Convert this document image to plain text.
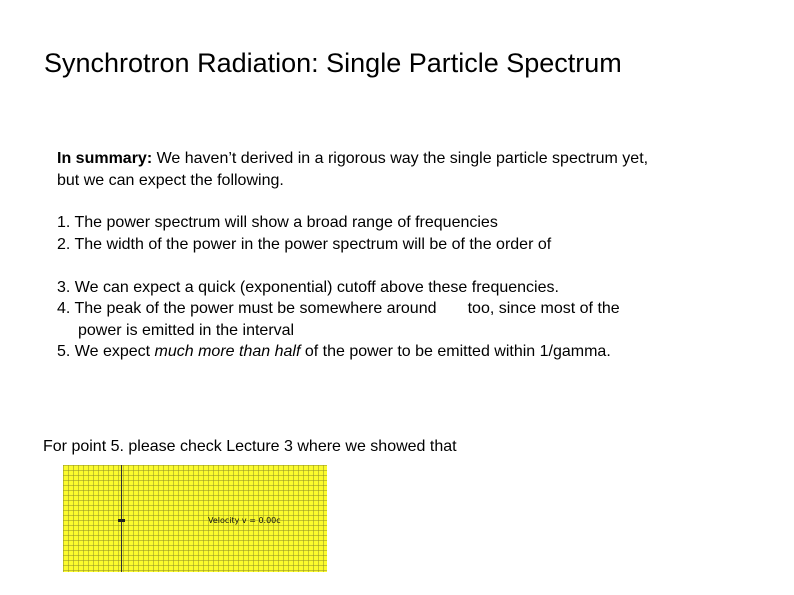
Synchrotron Radiation: Single Particle Spectrum
In summary: We haven’t derived in a rigorous way the single particle spectrum yet,
but we can expect the following.
1. The power spectrum will show a broad range of frequencies
2. The width of the power in the power spectrum will be of the order of
3. We can expect a quick (exponential) cutoff above these frequencies.
4. The peak of the power must be somewhere around       too, since most of the
power is emitted in the interval
5. We expect much more than half of the power to be emitted within 1/gamma.
For point 5. please check Lecture 3 where we showed that
Velocity v = 0.00c
